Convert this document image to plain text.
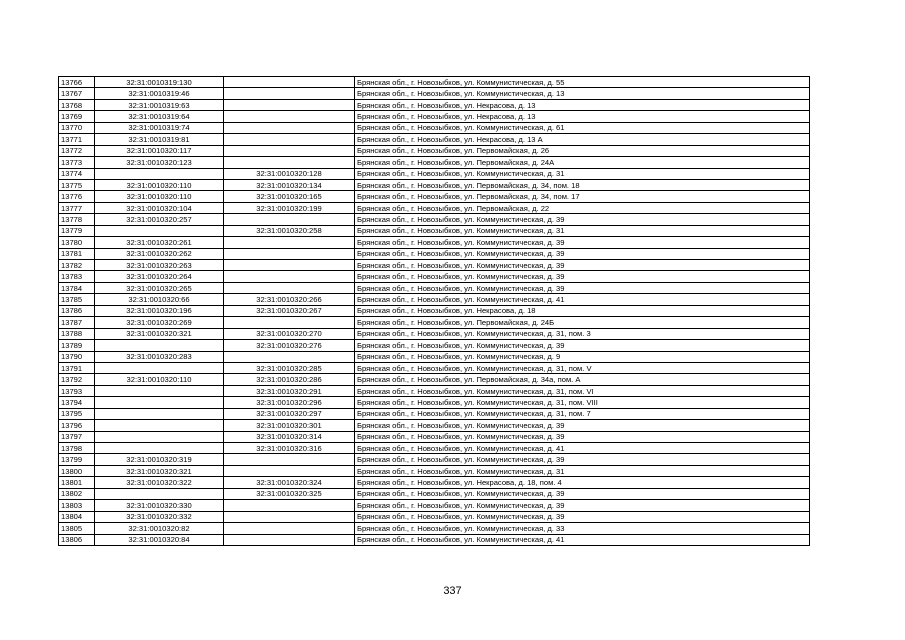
13766	32:31:0010319:130		Брянская обл., г. Новозыбков, ул. Коммунистическая, д. 55
13767	32:31:0010319:46		Брянская обл., г. Новозыбков, ул. Коммунистическая, д. 13
13768	32:31:0010319:63		Брянская обл., г. Новозыбков, ул. Некрасова, д. 13
13769	32:31:0010319:64		Брянская обл., г. Новозыбков, ул. Некрасова, д. 13
13770	32:31:0010319:74		Брянская обл., г. Новозыбков, ул. Коммунистическая, д. 61
13771	32:31:0010319:81		Брянская обл., г. Новозыбков, ул. Некрасова, д. 13 А
13772	32:31:0010320:117		Брянская обл., г. Новозыбков, ул. Первомайская, д. 26
13773	32:31:0010320:123		Брянская обл., г. Новозыбков, ул. Первомайская, д. 24А
13774		32:31:0010320:128	Брянская обл., г. Новозыбков, ул. Коммунистическая, д. 31
13775	32:31:0010320:110	32:31:0010320:134	Брянская обл., г. Новозыбков, ул. Первомайская, д. 34, пом. 18
13776	32:31:0010320:110	32:31:0010320:165	Брянская обл., г. Новозыбков, ул. Первомайская, д. 34, пом. 17
13777	32:31:0010320:104	32:31:0010320:199	Брянская обл., г. Новозыбков, ул. Первомайская, д. 22
13778	32:31:0010320:257		Брянская обл., г. Новозыбков, ул. Коммунистическая, д. 39
13779		32:31:0010320:258	Брянская обл., г. Новозыбков, ул. Коммунистическая, д. 31
13780	32:31:0010320:261		Брянская обл., г. Новозыбков, ул. Коммунистическая, д. 39
13781	32:31:0010320:262		Брянская обл., г. Новозыбков, ул. Коммунистическая, д. 39
13782	32:31:0010320:263		Брянская обл., г. Новозыбков, ул. Коммунистическая, д. 39
13783	32:31:0010320:264		Брянская обл., г. Новозыбков, ул. Коммунистическая, д. 39
13784	32:31:0010320:265		Брянская обл., г. Новозыбков, ул. Коммунистическая, д. 39
13785	32:31:0010320:66	32:31:0010320:266	Брянская обл., г. Новозыбков, ул. Коммунистическая, д. 41
13786	32:31:0010320:196	32:31:0010320:267	Брянская обл., г. Новозыбков, ул. Некрасова, д. 18
13787	32:31:0010320:269		Брянская обл., г. Новозыбков, ул. Первомайская, д. 24Б
13788	32:31:0010320:321	32:31:0010320:270	Брянская обл., г. Новозыбков, ул. Коммунистическая, д. 31, пом. 3
13789		32:31:0010320:276	Брянская обл., г. Новозыбков, ул. Коммунистическая, д. 39
13790	32:31:0010320:283		Брянская обл., г. Новозыбков, ул. Коммунистическая, д. 9
13791		32:31:0010320:285	Брянская обл., г. Новозыбков, ул. Коммунистическая, д. 31, пом. V
13792	32:31:0010320:110	32:31:0010320:286	Брянская обл., г. Новозыбков, ул. Первомайская, д. 34а, пом. А
13793		32:31:0010320:291	Брянская обл., г. Новозыбков, ул. Коммунистическая, д. 31, пом. VI
13794		32:31:0010320:296	Брянская обл., г. Новозыбков, ул. Коммунистическая, д. 31, пом. VIII
13795		32:31:0010320:297	Брянская обл., г. Новозыбков, ул. Коммунистическая, д. 31, пом. 7
13796		32:31:0010320:301	Брянская обл., г. Новозыбков, ул. Коммунистическая, д. 39
13797		32:31:0010320:314	Брянская обл., г. Новозыбков, ул. Коммунистическая, д. 39
13798		32:31:0010320:316	Брянская обл., г. Новозыбков, ул. Коммунистическая, д. 41
13799	32:31:0010320:319		Брянская обл., г. Новозыбков, ул. Коммунистическая, д. 39
13800	32:31:0010320:321		Брянская обл., г. Новозыбков, ул. Коммунистическая, д. 31
13801	32:31:0010320:322	32:31:0010320:324	Брянская обл., г. Новозыбков, ул. Некрасова, д. 18, пом. 4
13802		32:31:0010320:325	Брянская обл., г. Новозыбков, ул. Коммунистическая, д. 39
13803	32:31:0010320:330		Брянская обл., г. Новозыбков, ул. Коммунистическая, д. 39
13804	32:31:0010320:332		Брянская обл., г. Новозыбков, ул. Коммунистическая, д. 39
13805	32:31:0010320:82		Брянская обл., г. Новозыбков, ул. Коммунистическая, д. 33
13806	32:31:0010320:84		Брянская обл., г. Новозыбков, ул. Коммунистическая, д. 41
337
